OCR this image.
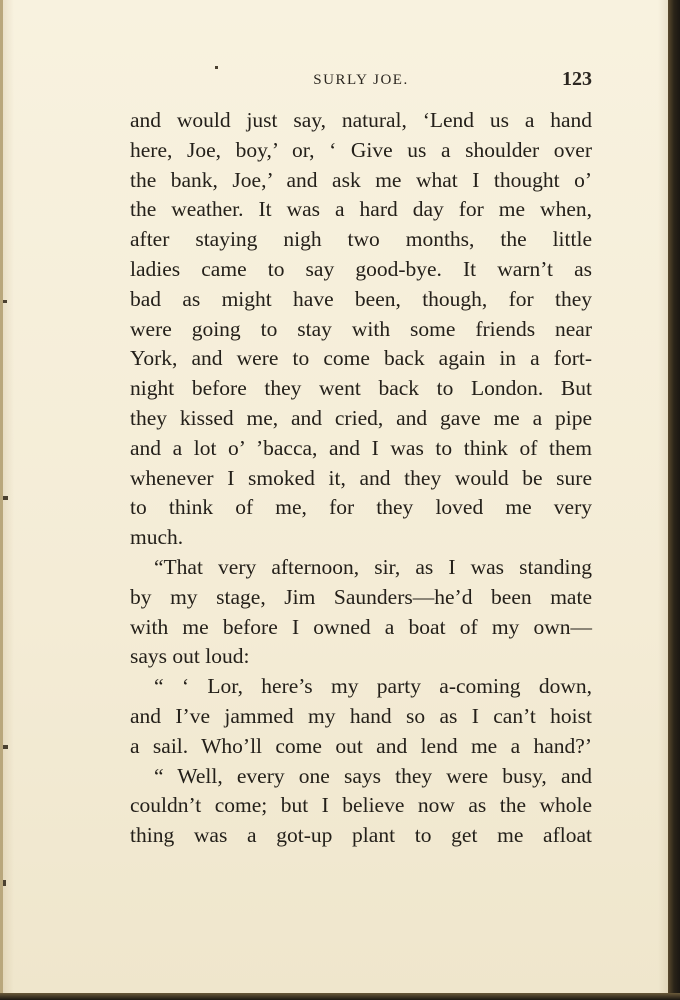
SURLY JOE.	123
and would just say, natural, ‘Lend us a hand
here, Joe, boy,’ or, ‘ Give us a shoulder over
the bank, Joe,’ and ask me what I thought o’
the weather. It was a hard day for me when,
after staying nigh two months, the little
ladies came to say good-bye. It warn’t as
bad as might have been, though, for they
were going to stay with some friends near
York, and were to come back again in a fort-
night before they went back to London. But
they kissed me, and cried, and gave me a pipe
and a lot o’ ’bacca, and I was to think of them
whenever I smoked it, and they would be sure
to think of me, for they loved me very
much.
“That very afternoon, sir, as I was standing
by my stage, Jim Saunders—he’d been mate
with me before I owned a boat of my own—
says out loud:
“ ‘ Lor, here’s my party a-coming down,
and I’ve jammed my hand so as I can’t hoist
a sail. Who’ll come out and lend me a hand?’
“ Well, every one says they were busy, and
couldn’t come; but I believe now as the whole
thing was a got-up plant to get me afloat
